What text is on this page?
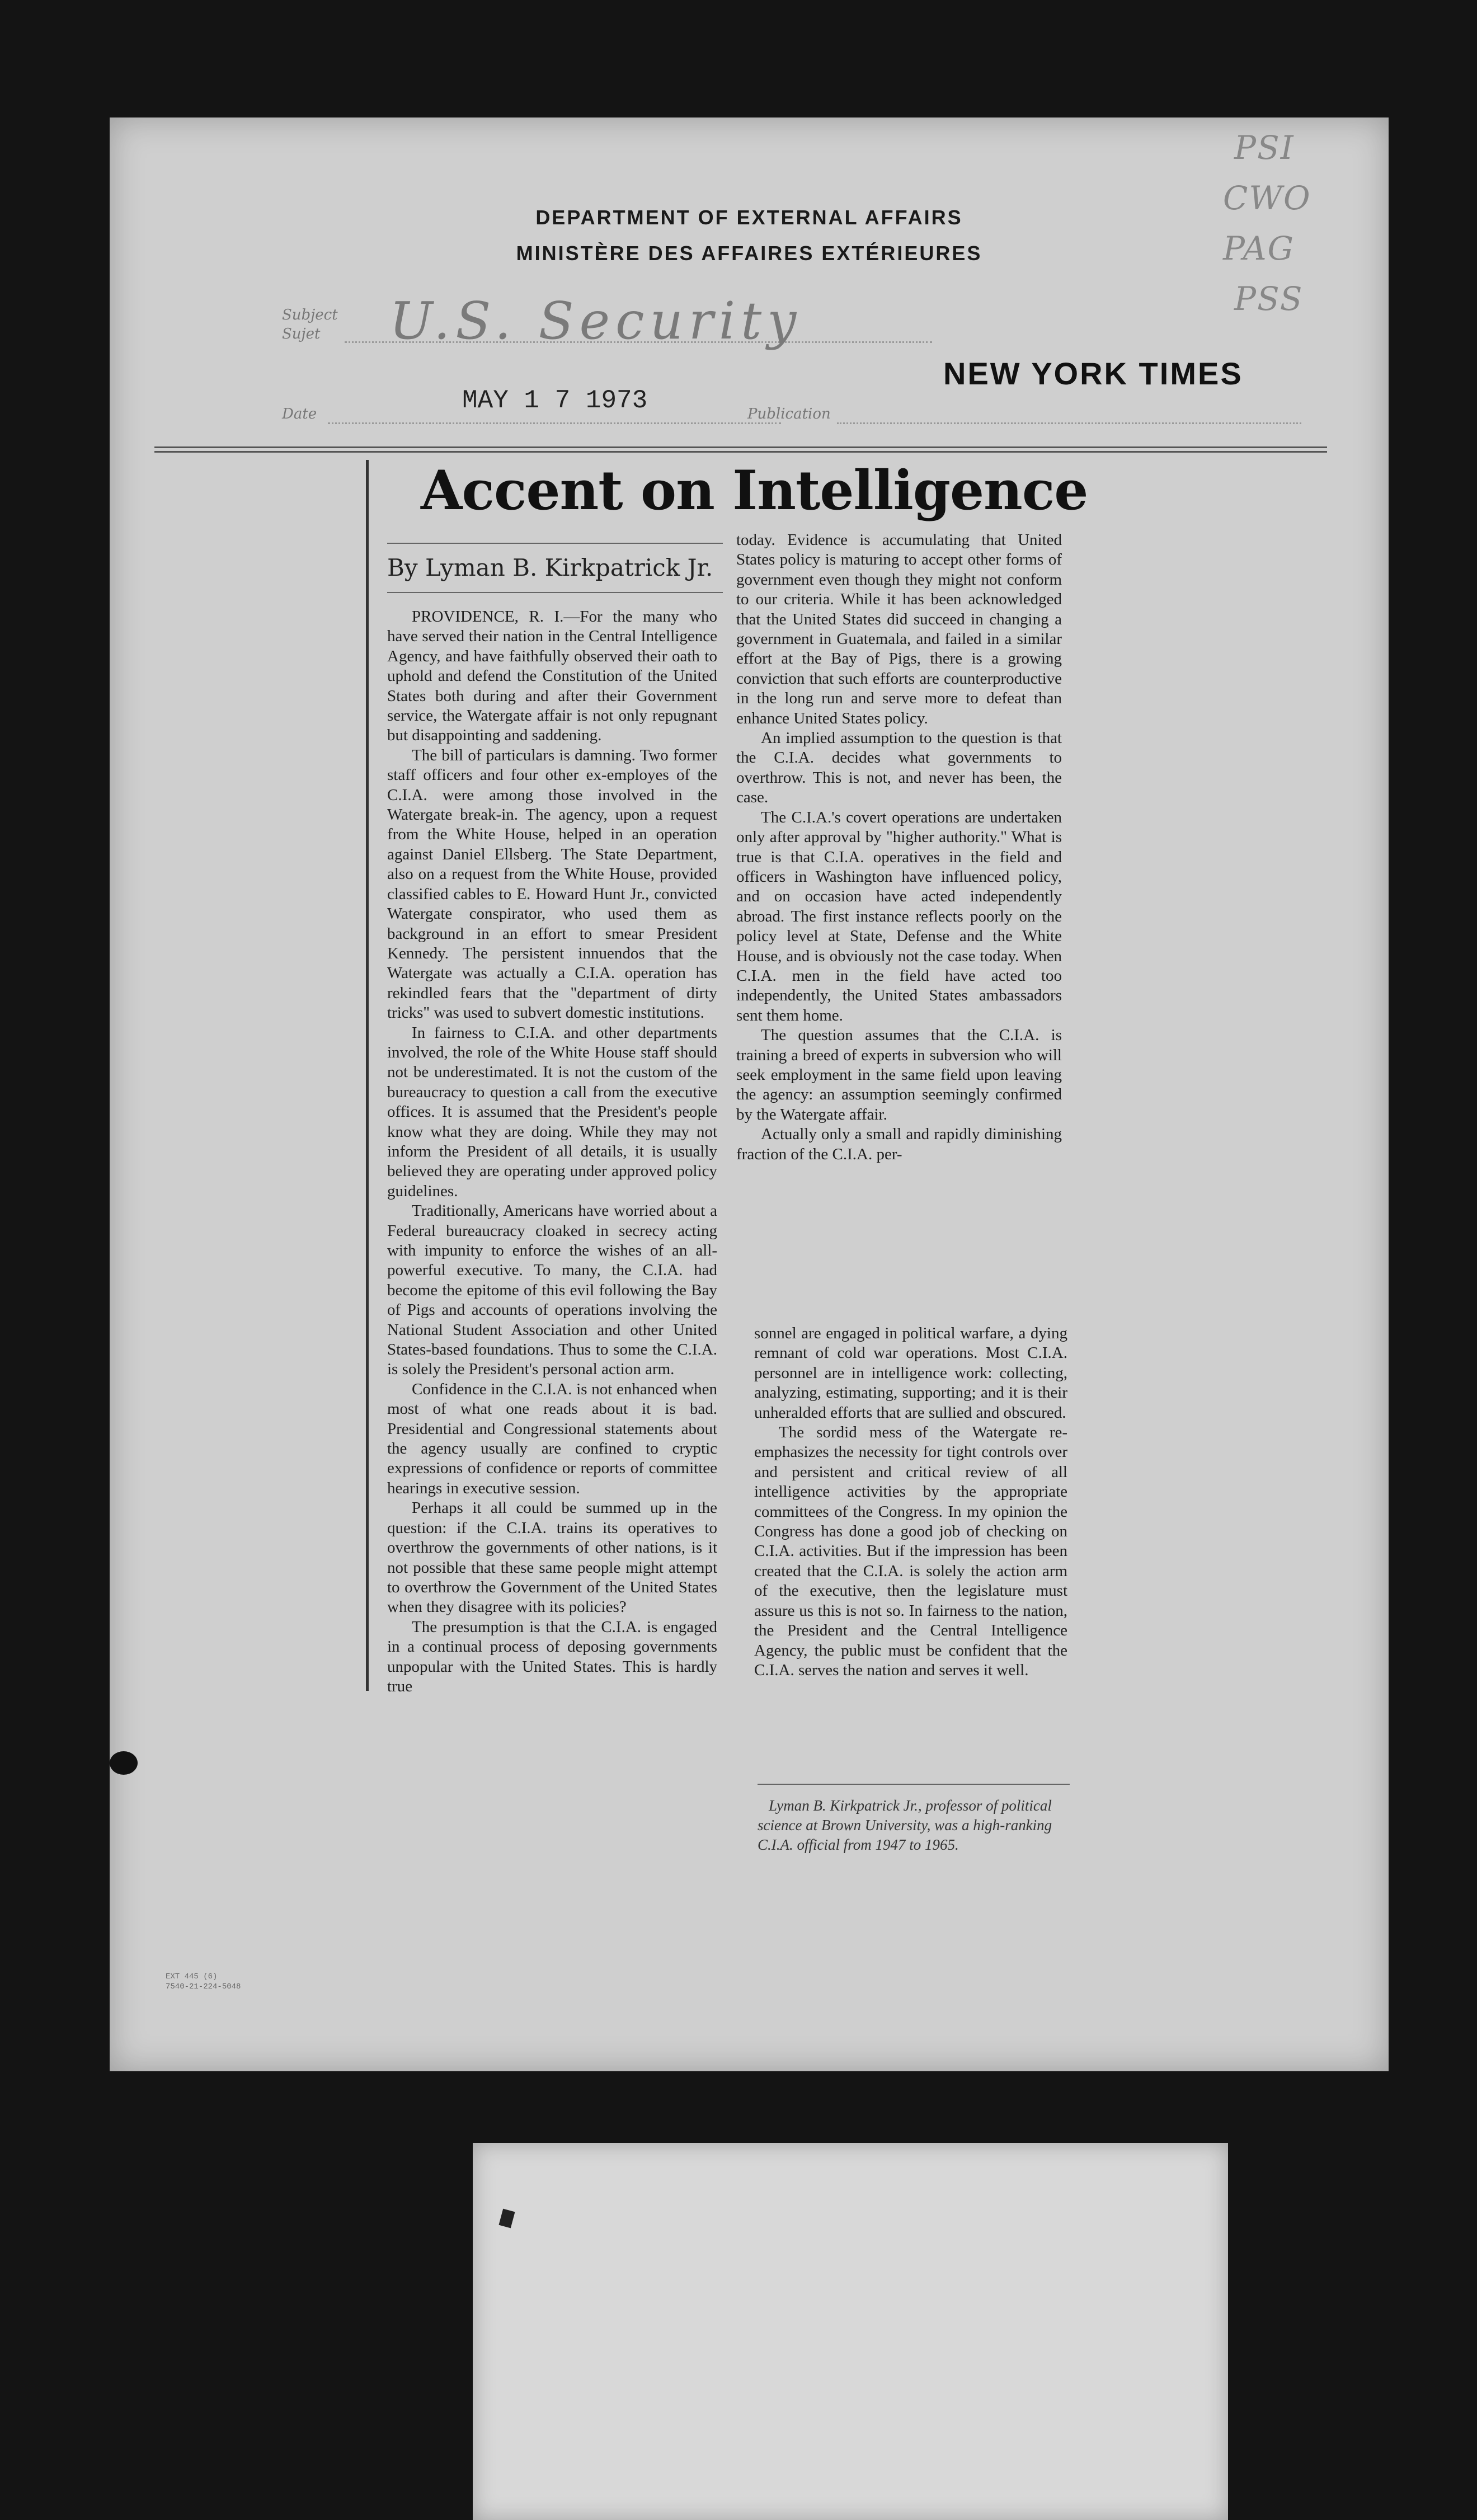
DEPARTMENT OF EXTERNAL AFFAIRS
MINISTÈRE DES AFFAIRES EXTÉRIEURES
PSI
CWO
PAG
PSS
Subject
Sujet U.S. Security
Date	MAY 1 7 1973	Publication
NEW YORK TIMES
Accent on Intelligence
By Lyman B. Kirkpatrick Jr.

PROVIDENCE, R. I.—For the many who have served their nation in the Central Intelligence Agency, and have faithfully observed their oath to uphold and defend the Constitution of the United States both during and after their Government service, the Watergate affair is not only repugnant but disappointing and saddening.

The bill of particulars is damning. Two former staff officers and four other ex-employes of the C.I.A. were among those involved in the Watergate break-in. The agency, upon a request from the White House, helped in an operation against Daniel Ellsberg. The State Department, also on a request from the White House, provided classified cables to E. Howard Hunt Jr., convicted Watergate conspirator, who used them as background in an effort to smear President Kennedy. The persistent innuendos that the Watergate was actually a C.I.A. operation has rekindled fears that the "department of dirty tricks" was used to subvert domestic institutions.

In fairness to C.I.A. and other departments involved, the role of the White House staff should not be underestimated. It is not the custom of the bureaucracy to question a call from the executive offices. It is assumed that the President's people know what they are doing. While they may not inform the President of all details, it is usually believed they are operating under approved policy guidelines.

Traditionally, Americans have worried about a Federal bureaucracy cloaked in secrecy acting with impunity to enforce the wishes of an all-powerful executive. To many, the C.I.A. had become the epitome of this evil following the Bay of Pigs and accounts of operations involving the National Student Association and other United States-based foundations. Thus to some the C.I.A. is solely the President's personal action arm.

Confidence in the C.I.A. is not enhanced when most of what one reads about it is bad. Presidential and Congressional statements about the agency usually are confined to cryptic expressions of confidence or reports of committee hearings in executive session.

Perhaps it all could be summed up in the question: if the C.I.A. trains its operatives to overthrow the governments of other nations, is it not possible that these same people might attempt to overthrow the Government of the United States when they disagree with its policies?

The presumption is that the C.I.A. is engaged in a continual process of deposing governments unpopular with the United States. This is hardly true

today. Evidence is accumulating that United States policy is maturing to accept other forms of government even though they might not conform to our criteria. While it has been acknowledged that the United States did succeed in changing a government in Guatemala, and failed in a similar effort at the Bay of Pigs, there is a growing conviction that such efforts are counterproductive in the long run and serve more to defeat than enhance United States policy.

An implied assumption to the question is that the C.I.A. decides what governments to overthrow. This is not, and never has been, the case.

The C.I.A.'s covert operations are undertaken only after approval by "higher authority." What is true is that C.I.A. operatives in the field and officers in Washington have influenced policy, and on occasion have acted independently abroad. The first instance reflects poorly on the policy level at State, Defense and the White House, and is obviously not the case today. When C.I.A. men in the field have acted too independently, the United States ambassadors sent them home.

The question assumes that the C.I.A. is training a breed of experts in subversion who will seek employment in the same field upon leaving the agency: an assumption seemingly confirmed by the Watergate affair.

Actually only a small and rapidly diminishing fraction of the C.I.A. per-

sonnel are engaged in political warfare, a dying remnant of cold war operations. Most C.I.A. personnel are in intelligence work: collecting, analyzing, estimating, supporting; and it is their unheralded efforts that are sullied and obscured.

The sordid mess of the Watergate re-emphasizes the necessity for tight controls over and persistent and critical review of all intelligence activities by the appropriate committees of the Congress. In my opinion the Congress has done a good job of checking on C.I.A. activities. But if the impression has been created that the C.I.A. is solely the action arm of the executive, then the legislature must assure us this is not so. In fairness to the nation, the President and the Central Intelligence Agency, the public must be confident that the C.I.A. serves the nation and serves it well.

Lyman B. Kirkpatrick Jr., professor of political science at Brown University, was a high-ranking C.I.A. official from 1947 to 1965.
EXT 445 (6)
7540-21-224-5048
